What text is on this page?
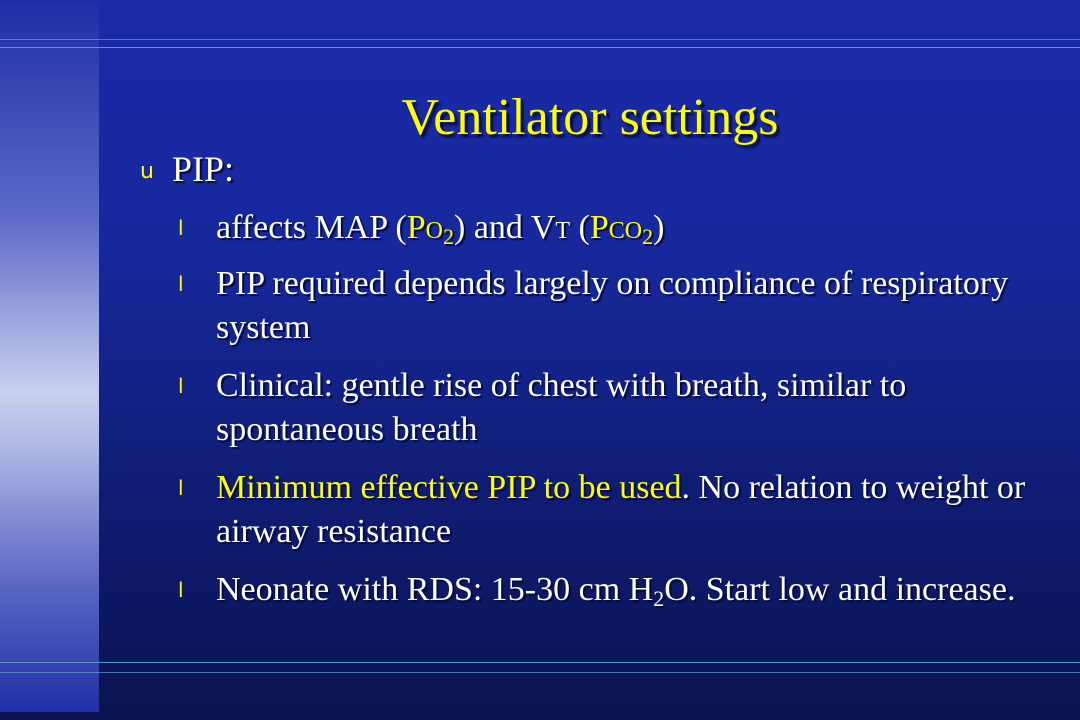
Ventilator settings
u PIP:
l affects MAP $(PO_2)$ and VT $(PCO_2)$
l PIP required depends largely on compliance of respiratory system
l Clinical: gentle rise of chest with breath, similar to spontaneous breath
l Minimum effective PIP to be used. No relation to weight or airway resistance
l Neonate with RDS: 15-30 cm $H_2O$. Start low and increase.
